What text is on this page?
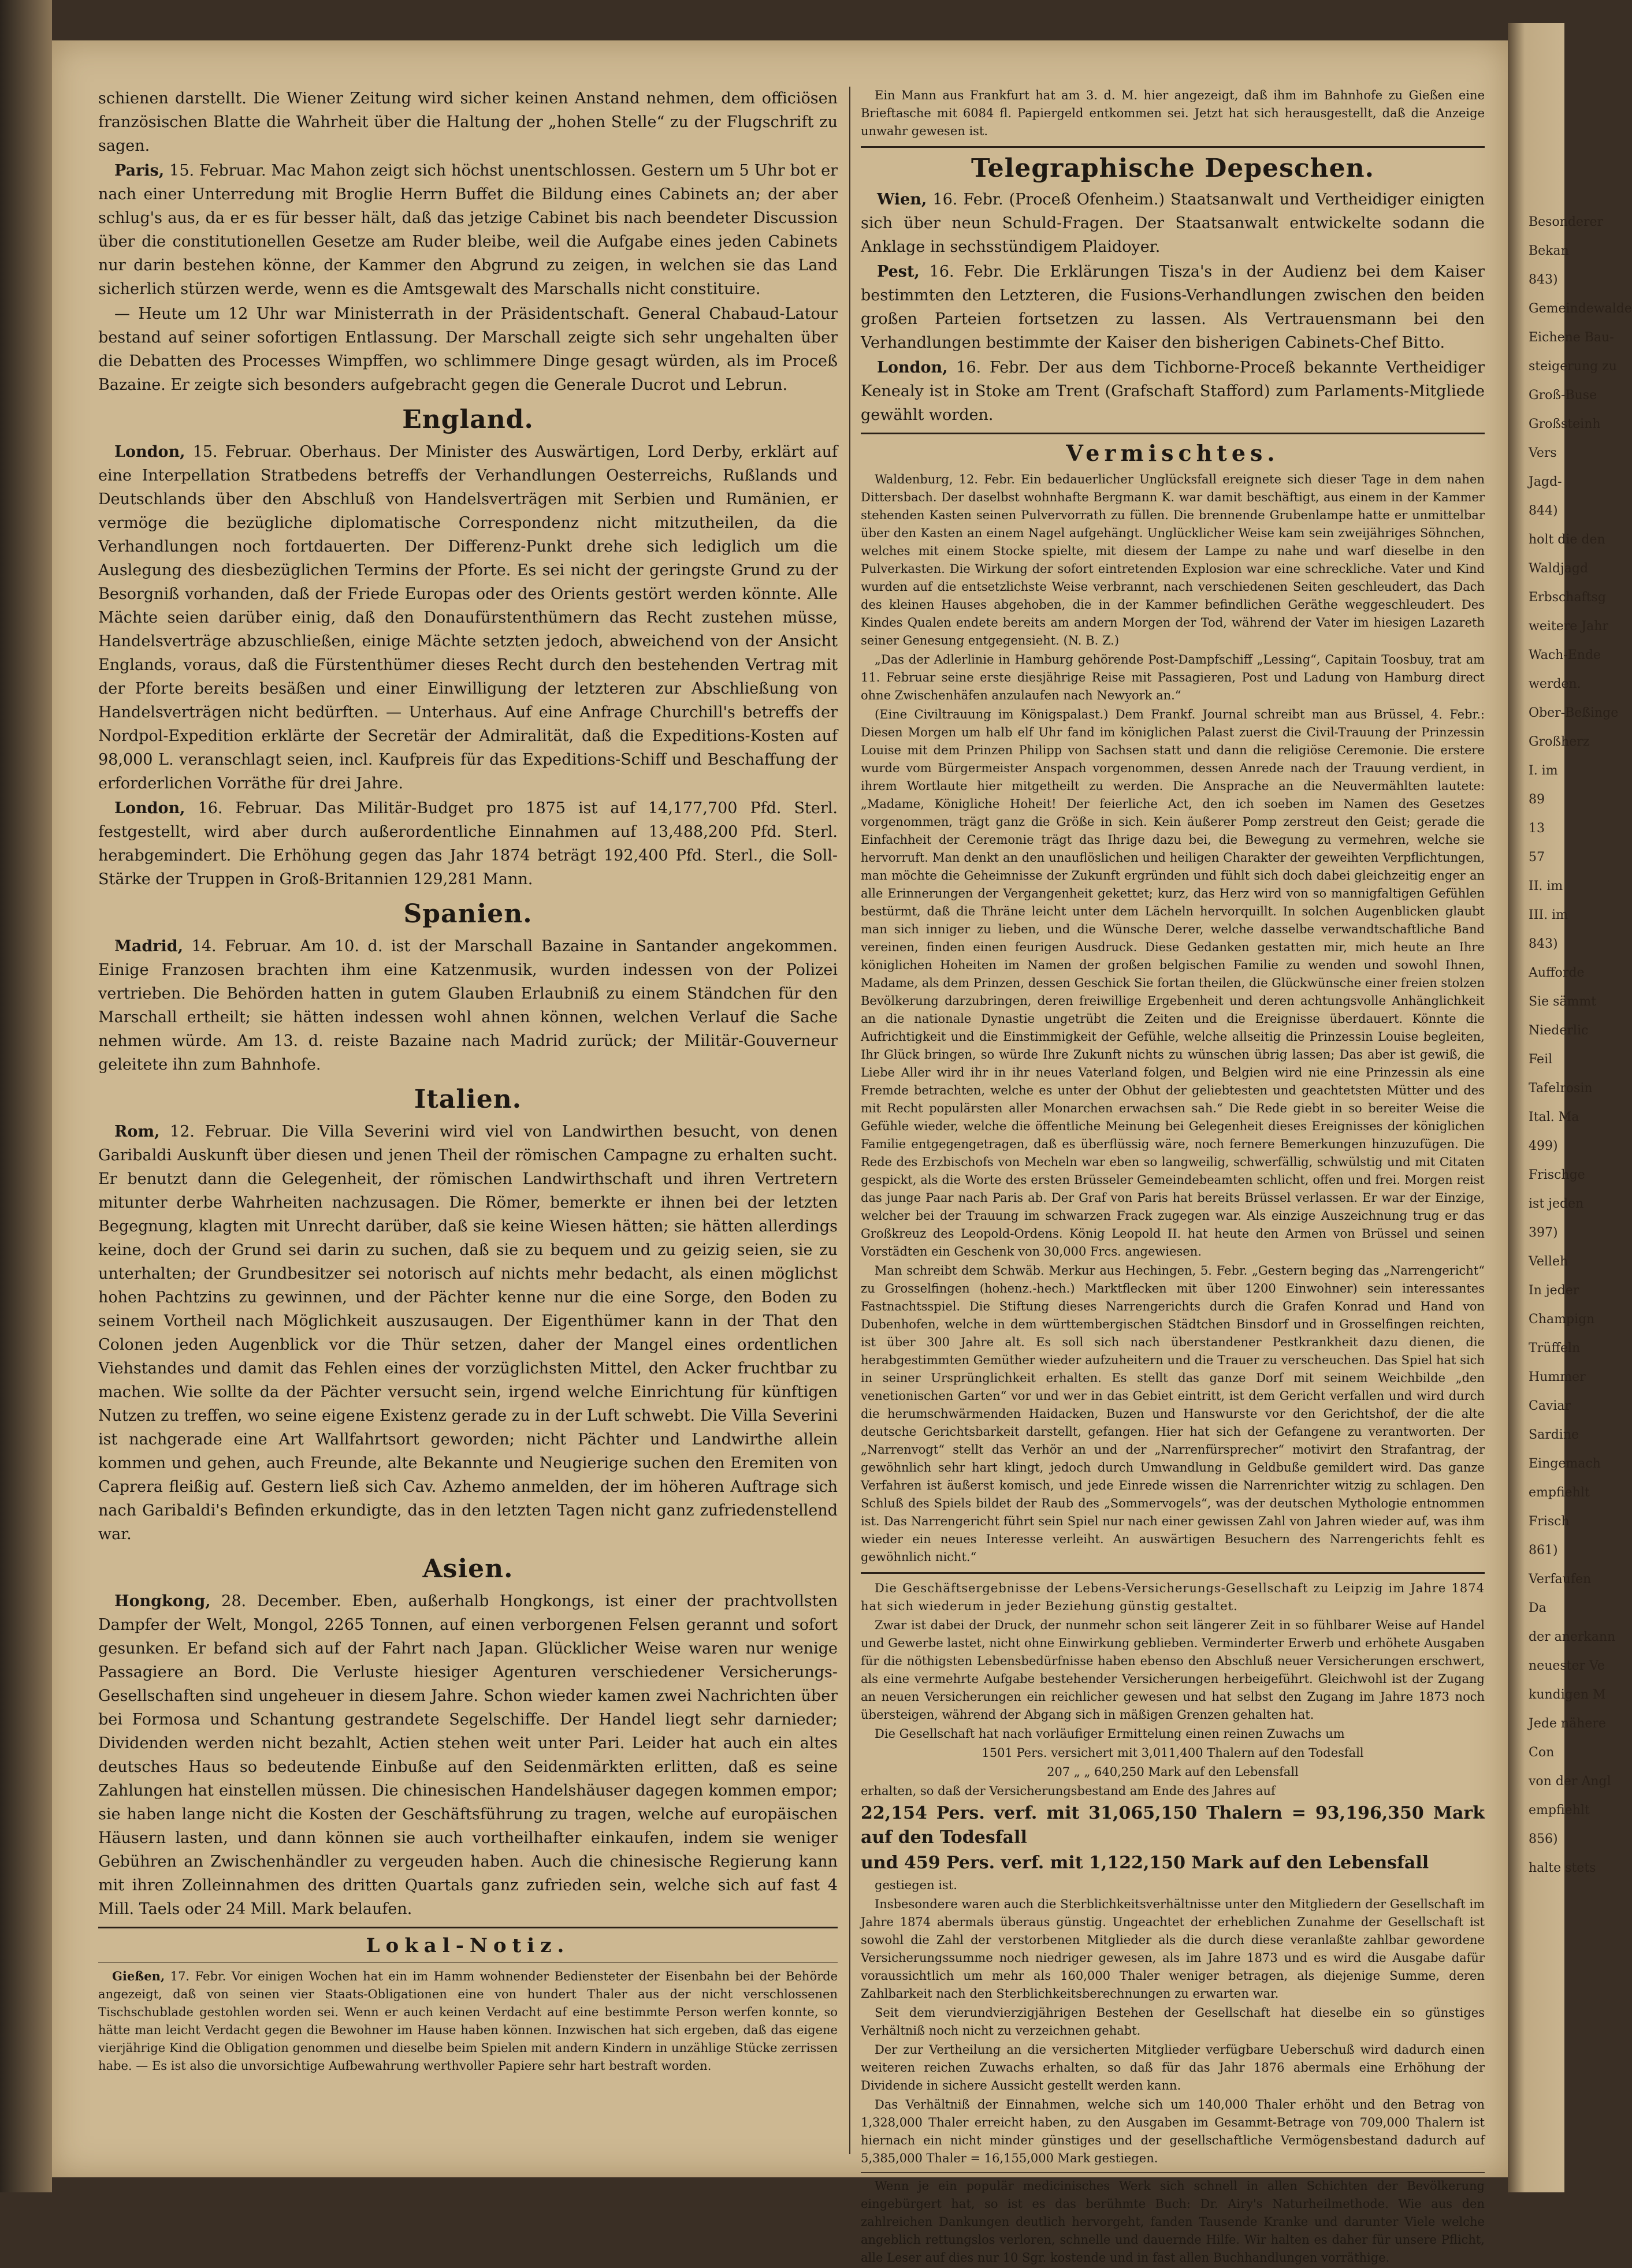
schienen darstellt. Die Wiener Zeitung wird sicher keinen Anstand nehmen, dem officiösen französischen Blatte die Wahrheit über die Haltung der „hohen Stelle“ zu der Flugschrift zu sagen.

Paris, 15. Februar. Mac Mahon zeigt sich höchst unentschlossen. Gestern um 5 Uhr bot er nach einer Unterredung mit Broglie Herrn Buffet die Bildung eines Cabinets an; der aber schlug's aus, da er es für besser hält, daß das jetzige Cabinet bis nach beendeter Discussion über die constitutionellen Gesetze am Ruder bleibe, weil die Aufgabe eines jeden Cabinets nur darin bestehen könne, der Kammer den Abgrund zu zeigen, in welchen sie das Land sicherlich stürzen werde, wenn es die Amtsgewalt des Marschalls nicht constituire.

— Heute um 12 Uhr war Ministerrath in der Präsidentschaft. General Chabaud-Latour bestand auf seiner sofortigen Entlassung. Der Marschall zeigte sich sehr ungehalten über die Debatten des Processes Wimpffen, wo schlimmere Dinge gesagt würden, als im Proceß Bazaine. Er zeigte sich besonders aufgebracht gegen die Generale Ducrot und Lebrun.

England.

London, 15. Februar. Oberhaus. Der Minister des Auswärtigen, Lord Derby, erklärt auf eine Interpellation Stratbedens betreffs der Verhandlungen Oesterreichs, Rußlands und Deutschlands über den Abschluß von Handelsverträgen mit Serbien und Rumänien, er vermöge die bezügliche diplomatische Correspondenz nicht mitzutheilen, da die Verhandlungen noch fortdauerten. Der Differenz-Punkt drehe sich lediglich um die Auslegung des diesbezüglichen Termins der Pforte. Es sei nicht der geringste Grund zu der Besorgniß vorhanden, daß der Friede Europas oder des Orients gestört werden könnte. Alle Mächte seien darüber einig, daß den Donaufürstenthümern das Recht zustehen müsse, Handelsverträge abzuschließen, einige Mächte setzten jedoch, abweichend von der Ansicht Englands, voraus, daß die Fürstenthümer dieses Recht durch den bestehenden Vertrag mit der Pforte bereits besäßen und einer Einwilligung der letzteren zur Abschließung von Handelsverträgen nicht bedürften. — Unterhaus. Auf eine Anfrage Churchill's betreffs der Nordpol-Expedition erklärte der Secretär der Admiralität, daß die Expeditions-Kosten auf 98,000 L. veranschlagt seien, incl. Kaufpreis für das Expeditions-Schiff und Beschaffung der erforderlichen Vorräthe für drei Jahre.

London, 16. Februar. Das Militär-Budget pro 1875 ist auf 14,177,700 Pfd. Sterl. festgestellt, wird aber durch außerordentliche Einnahmen auf 13,488,200 Pfd. Sterl. herabgemindert. Die Erhöhung gegen das Jahr 1874 beträgt 192,400 Pfd. Sterl., die Soll-Stärke der Truppen in Groß-Britannien 129,281 Mann.

Spanien.

Madrid, 14. Februar. Am 10. d. ist der Marschall Bazaine in Santander angekommen. Einige Franzosen brachten ihm eine Katzenmusik, wurden indessen von der Polizei vertrieben. Die Behörden hatten in gutem Glauben Erlaubniß zu einem Ständchen für den Marschall ertheilt; sie hätten indessen wohl ahnen können, welchen Verlauf die Sache nehmen würde. Am 13. d. reiste Bazaine nach Madrid zurück; der Militär-Gouverneur geleitete ihn zum Bahnhofe.

Italien.

Rom, 12. Februar. Die Villa Severini wird viel von Landwirthen besucht, von denen Garibaldi Auskunft über diesen und jenen Theil der römischen Campagne zu erhalten sucht. Er benutzt dann die Gelegenheit, der römischen Landwirthschaft und ihren Vertretern mitunter derbe Wahrheiten nachzusagen. Die Römer, bemerkte er ihnen bei der letzten Begegnung, klagten mit Unrecht darüber, daß sie keine Wiesen hätten; sie hätten allerdings keine, doch der Grund sei darin zu suchen, daß sie zu bequem und zu geizig seien, sie zu unterhalten; der Grundbesitzer sei notorisch auf nichts mehr bedacht, als einen möglichst hohen Pachtzins zu gewinnen, und der Pächter kenne nur die eine Sorge, den Boden zu seinem Vortheil nach Möglichkeit auszusaugen. Der Eigenthümer kann in der That den Colonen jeden Augenblick vor die Thür setzen, daher der Mangel eines ordentlichen Viehstandes und damit das Fehlen eines der vorzüglichsten Mittel, den Acker fruchtbar zu machen. Wie sollte da der Pächter versucht sein, irgend welche Einrichtung für künftigen Nutzen zu treffen, wo seine eigene Existenz gerade zu in der Luft schwebt. Die Villa Severini ist nachgerade eine Art Wallfahrtsort geworden; nicht Pächter und Landwirthe allein kommen und gehen, auch Freunde, alte Bekannte und Neugierige suchen den Eremiten von Caprera fleißig auf. Gestern ließ sich Cav. Azhemo anmelden, der im höheren Auftrage sich nach Garibaldi's Befinden erkundigte, das in den letzten Tagen nicht ganz zufriedenstellend war.

Asien.

Hongkong, 28. December. Eben, außerhalb Hongkongs, ist einer der prachtvollsten Dampfer der Welt, Mongol, 2265 Tonnen, auf einen verborgenen Felsen gerannt und sofort gesunken. Er befand sich auf der Fahrt nach Japan. Glücklicher Weise waren nur wenige Passagiere an Bord. Die Verluste hiesiger Agenturen verschiedener Versicherungs-Gesellschaften sind ungeheuer in diesem Jahre. Schon wieder kamen zwei Nachrichten über bei Formosa und Schantung gestrandete Segelschiffe. Der Handel liegt sehr darnieder; Dividenden werden nicht bezahlt, Actien stehen weit unter Pari. Leider hat auch ein altes deutsches Haus so bedeutende Einbuße auf den Seidenmärkten erlitten, daß es seine Zahlungen hat einstellen müssen. Die chinesischen Handelshäuser dagegen kommen empor; sie haben lange nicht die Kosten der Geschäftsführung zu tragen, welche auf europäischen Häusern lasten, und dann können sie auch vortheilhafter einkaufen, indem sie weniger Gebühren an Zwischenhändler zu vergeuden haben. Auch die chinesische Regierung kann mit ihren Zolleinnahmen des dritten Quartals ganz zufrieden sein, welche sich auf fast 4 Mill. Taels oder 24 Mill. Mark belaufen.

Lokal-Notiz.

Gießen, 17. Febr. Vor einigen Wochen hat ein im Hamm wohnender Bediensteter der Eisenbahn bei der Behörde angezeigt, daß von seinen vier Staats-Obligationen eine von hundert Thaler aus der nicht verschlossenen Tischschublade gestohlen worden sei. Wenn er auch keinen Verdacht auf eine bestimmte Person werfen konnte, so hätte man leicht Verdacht gegen die Bewohner im Hause haben können. Inzwischen hat sich ergeben, daß das eigene vierjährige Kind die Obligation genommen und dieselbe beim Spielen mit andern Kindern in unzählige Stücke zerrissen habe. — Es ist also die unvorsichtige Aufbewahrung werthvoller Papiere sehr hart bestraft worden.

Ein Mann aus Frankfurt hat am 3. d. M. hier angezeigt, daß ihm im Bahnhofe zu Gießen eine Brieftasche mit 6084 fl. Papiergeld entkommen sei. Jetzt hat sich herausgestellt, daß die Anzeige unwahr gewesen ist.

Telegraphische Depeschen.

Wien, 16. Febr. (Proceß Ofenheim.) Staatsanwalt und Vertheidiger einigten sich über neun Schuld-Fragen. Der Staatsanwalt entwickelte sodann die Anklage in sechsstündigem Plaidoyer.

Pest, 16. Febr. Die Erklärungen Tisza's in der Audienz bei dem Kaiser bestimmten den Letzteren, die Fusions-Verhandlungen zwischen den beiden großen Parteien fortsetzen zu lassen. Als Vertrauensmann bei den Verhandlungen bestimmte der Kaiser den bisherigen Cabinets-Chef Bitto.

London, 16. Febr. Der aus dem Tichborne-Proceß bekannte Vertheidiger Kenealy ist in Stoke am Trent (Grafschaft Stafford) zum Parlaments-Mitgliede gewählt worden.

Vermischtes.

Waldenburg, 12. Febr. Ein bedauerlicher Unglücksfall ereignete sich dieser Tage in dem nahen Dittersbach. Der daselbst wohnhafte Bergmann K. war damit beschäftigt, aus einem in der Kammer stehenden Kasten seinen Pulvervorrath zu füllen. Die brennende Grubenlampe hatte er unmittelbar über den Kasten an einem Nagel aufgehängt. Unglücklicher Weise kam sein zweijähriges Söhnchen, welches mit einem Stocke spielte, mit diesem der Lampe zu nahe und warf dieselbe in den Pulverkasten. Die Wirkung der sofort eintretenden Explosion war eine schreckliche. Vater und Kind wurden auf die entsetzlichste Weise verbrannt, nach verschiedenen Seiten geschleudert, das Dach des kleinen Hauses abgehoben, die in der Kammer befindlichen Geräthe weggeschleudert. Des Kindes Qualen endete bereits am andern Morgen der Tod, während der Vater im hiesigen Lazareth seiner Genesung entgegensieht. (N. B. Z.)

„Das der Adlerlinie in Hamburg gehörende Post-Dampfschiff „Lessing“, Capitain Toosbuy, trat am 11. Februar seine erste diesjährige Reise mit Passagieren, Post und Ladung von Hamburg direct ohne Zwischenhäfen anzulaufen nach Newyork an.“

(Eine Civiltrauung im Königspalast.) Dem Frankf. Journal schreibt man aus Brüssel, 4. Febr.: Diesen Morgen um halb elf Uhr fand im königlichen Palast zuerst die Civil-Trauung der Prinzessin Louise mit dem Prinzen Philipp von Sachsen statt und dann die religiöse Ceremonie. Die erstere wurde vom Bürgermeister Anspach vorgenommen, dessen Anrede nach der Trauung verdient, in ihrem Wortlaute hier mitgetheilt zu werden. Die Ansprache an die Neuvermählten lautete: „Madame, Königliche Hoheit! Der feierliche Act, den ich soeben im Namen des Gesetzes vorgenommen, trägt ganz die Größe in sich. Kein äußerer Pomp zerstreut den Geist; gerade die Einfachheit der Ceremonie trägt das Ihrige dazu bei, die Bewegung zu vermehren, welche sie hervorruft. Man denkt an den unauflöslichen und heiligen Charakter der geweihten Verpflichtungen, man möchte die Geheimnisse der Zukunft ergründen und fühlt sich doch dabei gleichzeitig enger an alle Erinnerungen der Vergangenheit gekettet; kurz, das Herz wird von so mannigfaltigen Gefühlen bestürmt, daß die Thräne leicht unter dem Lächeln hervorquillt. In solchen Augenblicken glaubt man sich inniger zu lieben, und die Wünsche Derer, welche dasselbe verwandtschaftliche Band vereinen, finden einen feurigen Ausdruck. Diese Gedanken gestatten mir, mich heute an Ihre königlichen Hoheiten im Namen der großen belgischen Familie zu wenden und sowohl Ihnen, Madame, als dem Prinzen, dessen Geschick Sie fortan theilen, die Glückwünsche einer freien stolzen Bevölkerung darzubringen, deren freiwillige Ergebenheit und deren achtungsvolle Anhänglichkeit an die nationale Dynastie ungetrübt die Zeiten und die Ereignisse überdauert. Könnte die Aufrichtigkeit und die Einstimmigkeit der Gefühle, welche allseitig die Prinzessin Louise begleiten, Ihr Glück bringen, so würde Ihre Zukunft nichts zu wünschen übrig lassen; Das aber ist gewiß, die Liebe Aller wird ihr in ihr neues Vaterland folgen, und Belgien wird nie eine Prinzessin als eine Fremde betrachten, welche es unter der Obhut der geliebtesten und geachtetsten Mütter und des mit Recht populärsten aller Monarchen erwachsen sah.“ Die Rede giebt in so bereiter Weise die Gefühle wieder, welche die öffentliche Meinung bei Gelegenheit dieses Ereignisses der königlichen Familie entgegengetragen, daß es überflüssig wäre, noch fernere Bemerkungen hinzuzufügen. Die Rede des Erzbischofs von Mecheln war eben so langweilig, schwerfällig, schwülstig und mit Citaten gespickt, als die Worte des ersten Brüsseler Gemeindebeamten schlicht, offen und frei. Morgen reist das junge Paar nach Paris ab. Der Graf von Paris hat bereits Brüssel verlassen. Er war der Einzige, welcher bei der Trauung im schwarzen Frack zugegen war. Als einzige Auszeichnung trug er das Großkreuz des Leopold-Ordens. König Leopold II. hat heute den Armen von Brüssel und seinen Vorstädten ein Geschenk von 30,000 Frcs. angewiesen.

Man schreibt dem Schwäb. Merkur aus Hechingen, 5. Febr. „Gestern beging das „Narrengericht“ zu Grosselfingen (hohenz.-hech.) Marktflecken mit über 1200 Einwohner) sein interessantes Fastnachtsspiel. Die Stiftung dieses Narrengerichts durch die Grafen Konrad und Hand von Dubenhofen, welche in dem württembergischen Städtchen Binsdorf und in Grosselfingen reichten, ist über 300 Jahre alt. Es soll sich nach überstandener Pestkrankheit dazu dienen, die herabgestimmten Gemüther wieder aufzuheitern und die Trauer zu verscheuchen. Das Spiel hat sich in seiner Ursprünglichkeit erhalten. Es stellt das ganze Dorf mit seinem Weichbilde „den venetionischen Garten“ vor und wer in das Gebiet eintritt, ist dem Gericht verfallen und wird durch die herumschwärmenden Haidacken, Buzen und Hanswurste vor den Gerichtshof, der die alte deutsche Gerichtsbarkeit darstellt, gefangen. Hier hat sich der Gefangene zu verantworten. Der „Narrenvogt“ stellt das Verhör an und der „Narrenfürsprecher“ motivirt den Strafantrag, der gewöhnlich sehr hart klingt, jedoch durch Umwandlung in Geldbuße gemildert wird. Das ganze Verfahren ist äußerst komisch, und jede Einrede wissen die Narrenrichter witzig zu schlagen. Den Schluß des Spiels bildet der Raub des „Sommervogels“, was der deutschen Mythologie entnommen ist. Das Narrengericht führt sein Spiel nur nach einer gewissen Zahl von Jahren wieder auf, was ihm wieder ein neues Interesse verleiht. An auswärtigen Besuchern des Narrengerichts fehlt es gewöhnlich nicht.“

Die Geschäftsergebnisse der Lebens-Versicherungs-Gesellschaft zu Leipzig im Jahre 1874 hat sich wiederum in jeder Beziehung günstig gestaltet.

Zwar ist dabei der Druck, der nunmehr schon seit längerer Zeit in so fühlbarer Weise auf Handel und Gewerbe lastet, nicht ohne Einwirkung geblieben. Verminderter Erwerb und erhöhete Ausgaben für die nöthigsten Lebensbedürfnisse haben ebenso den Abschluß neuer Versicherungen erschwert, als eine vermehrte Aufgabe bestehender Versicherungen herbeigeführt. Gleichwohl ist der Zugang an neuen Versicherungen ein reichlicher gewesen und hat selbst den Zugang im Jahre 1873 noch übersteigen, während der Abgang sich in mäßigen Grenzen gehalten hat.

Die Gesellschaft hat nach vorläufiger Ermittelung einen reinen Zuwachs um

1501 Pers. versichert mit 3,011,400 Thalern auf den Todesfall

207 „ „ 640,250 Mark auf den Lebensfall

erhalten, so daß der Versicherungsbestand am Ende des Jahres auf

22,154 Pers. verf. mit 31,065,150 Thalern = 93,196,350 Mark auf den Todesfall

und 459 Pers. verf. mit 1,122,150 Mark auf den Lebensfall

gestiegen ist.

Insbesondere waren auch die Sterblichkeitsverhältnisse unter den Mitgliedern der Gesellschaft im Jahre 1874 abermals überaus günstig. Ungeachtet der erheblichen Zunahme der Gesellschaft ist sowohl die Zahl der verstorbenen Mitglieder als die durch diese veranlaßte zahlbar gewordene Versicherungssumme noch niedriger gewesen, als im Jahre 1873 und es wird die Ausgabe dafür voraussichtlich um mehr als 160,000 Thaler weniger betragen, als diejenige Summe, deren Zahlbarkeit nach den Sterblichkeitsberechnungen zu erwarten war.

Seit dem vierundvierzigjährigen Bestehen der Gesellschaft hat dieselbe ein so günstiges Verhältniß noch nicht zu verzeichnen gehabt.

Der zur Vertheilung an die versicherten Mitglieder verfügbare Ueberschuß wird dadurch einen weiteren reichen Zuwachs erhalten, so daß für das Jahr 1876 abermals eine Erhöhung der Dividende in sichere Aussicht gestellt werden kann.

Das Verhältniß der Einnahmen, welche sich um 140,000 Thaler erhöht und den Betrag von 1,328,000 Thaler erreicht haben, zu den Ausgaben im Gesammt-Betrage von 709,000 Thalern ist hiernach ein nicht minder günstiges und der gesellschaftliche Vermögensbestand dadurch auf 5,385,000 Thaler = 16,155,000 Mark gestiegen.

Wenn je ein populär medicinisches Werk sich schnell in allen Schichten der Bevölkerung eingebürgert hat, so ist es das berühmte Buch: Dr. Airy's Naturheilmethode. Wie aus den zahlreichen Dankungen deutlich hervorgeht, fanden Tausende Kranke und darunter Viele welche angeblich rettungslos verloren, schnelle und dauernde Hilfe. Wir halten es daher für unsere Pflicht, alle Leser auf dies nur 10 Sgr. kostende und in fast allen Buchhandlungen vorräthige.

Besonderer
Bekan
843)
Gemeindewalde
Eichene Bau-
steigerung zu
Groß-Buse
Großsteinh
Vers
Jagd-
844)
holt die den
Waldjagd
Erbschaftsg
weitere Jahr
Wach-Ende
werden.
Ober-Beßinge
Großherz
I. im
89
13
57
II. im
III. im
843)
Aufforde
Sie sämmt
Niederlic
Feil
Tafelrosin
Ital. Ma
499)
Frischge
ist jeden
397)
Velleh
In jeder
Champign
Trüffeln
Hummer
Caviar
Sardine
Eingemach
empfiehlt
Frisch
861)
Verfaufen
Da
der anerkann
neuester Ve
kundigen M
Jede nähere
Con
von der Angl
empfiehlt
856)
halte stets
